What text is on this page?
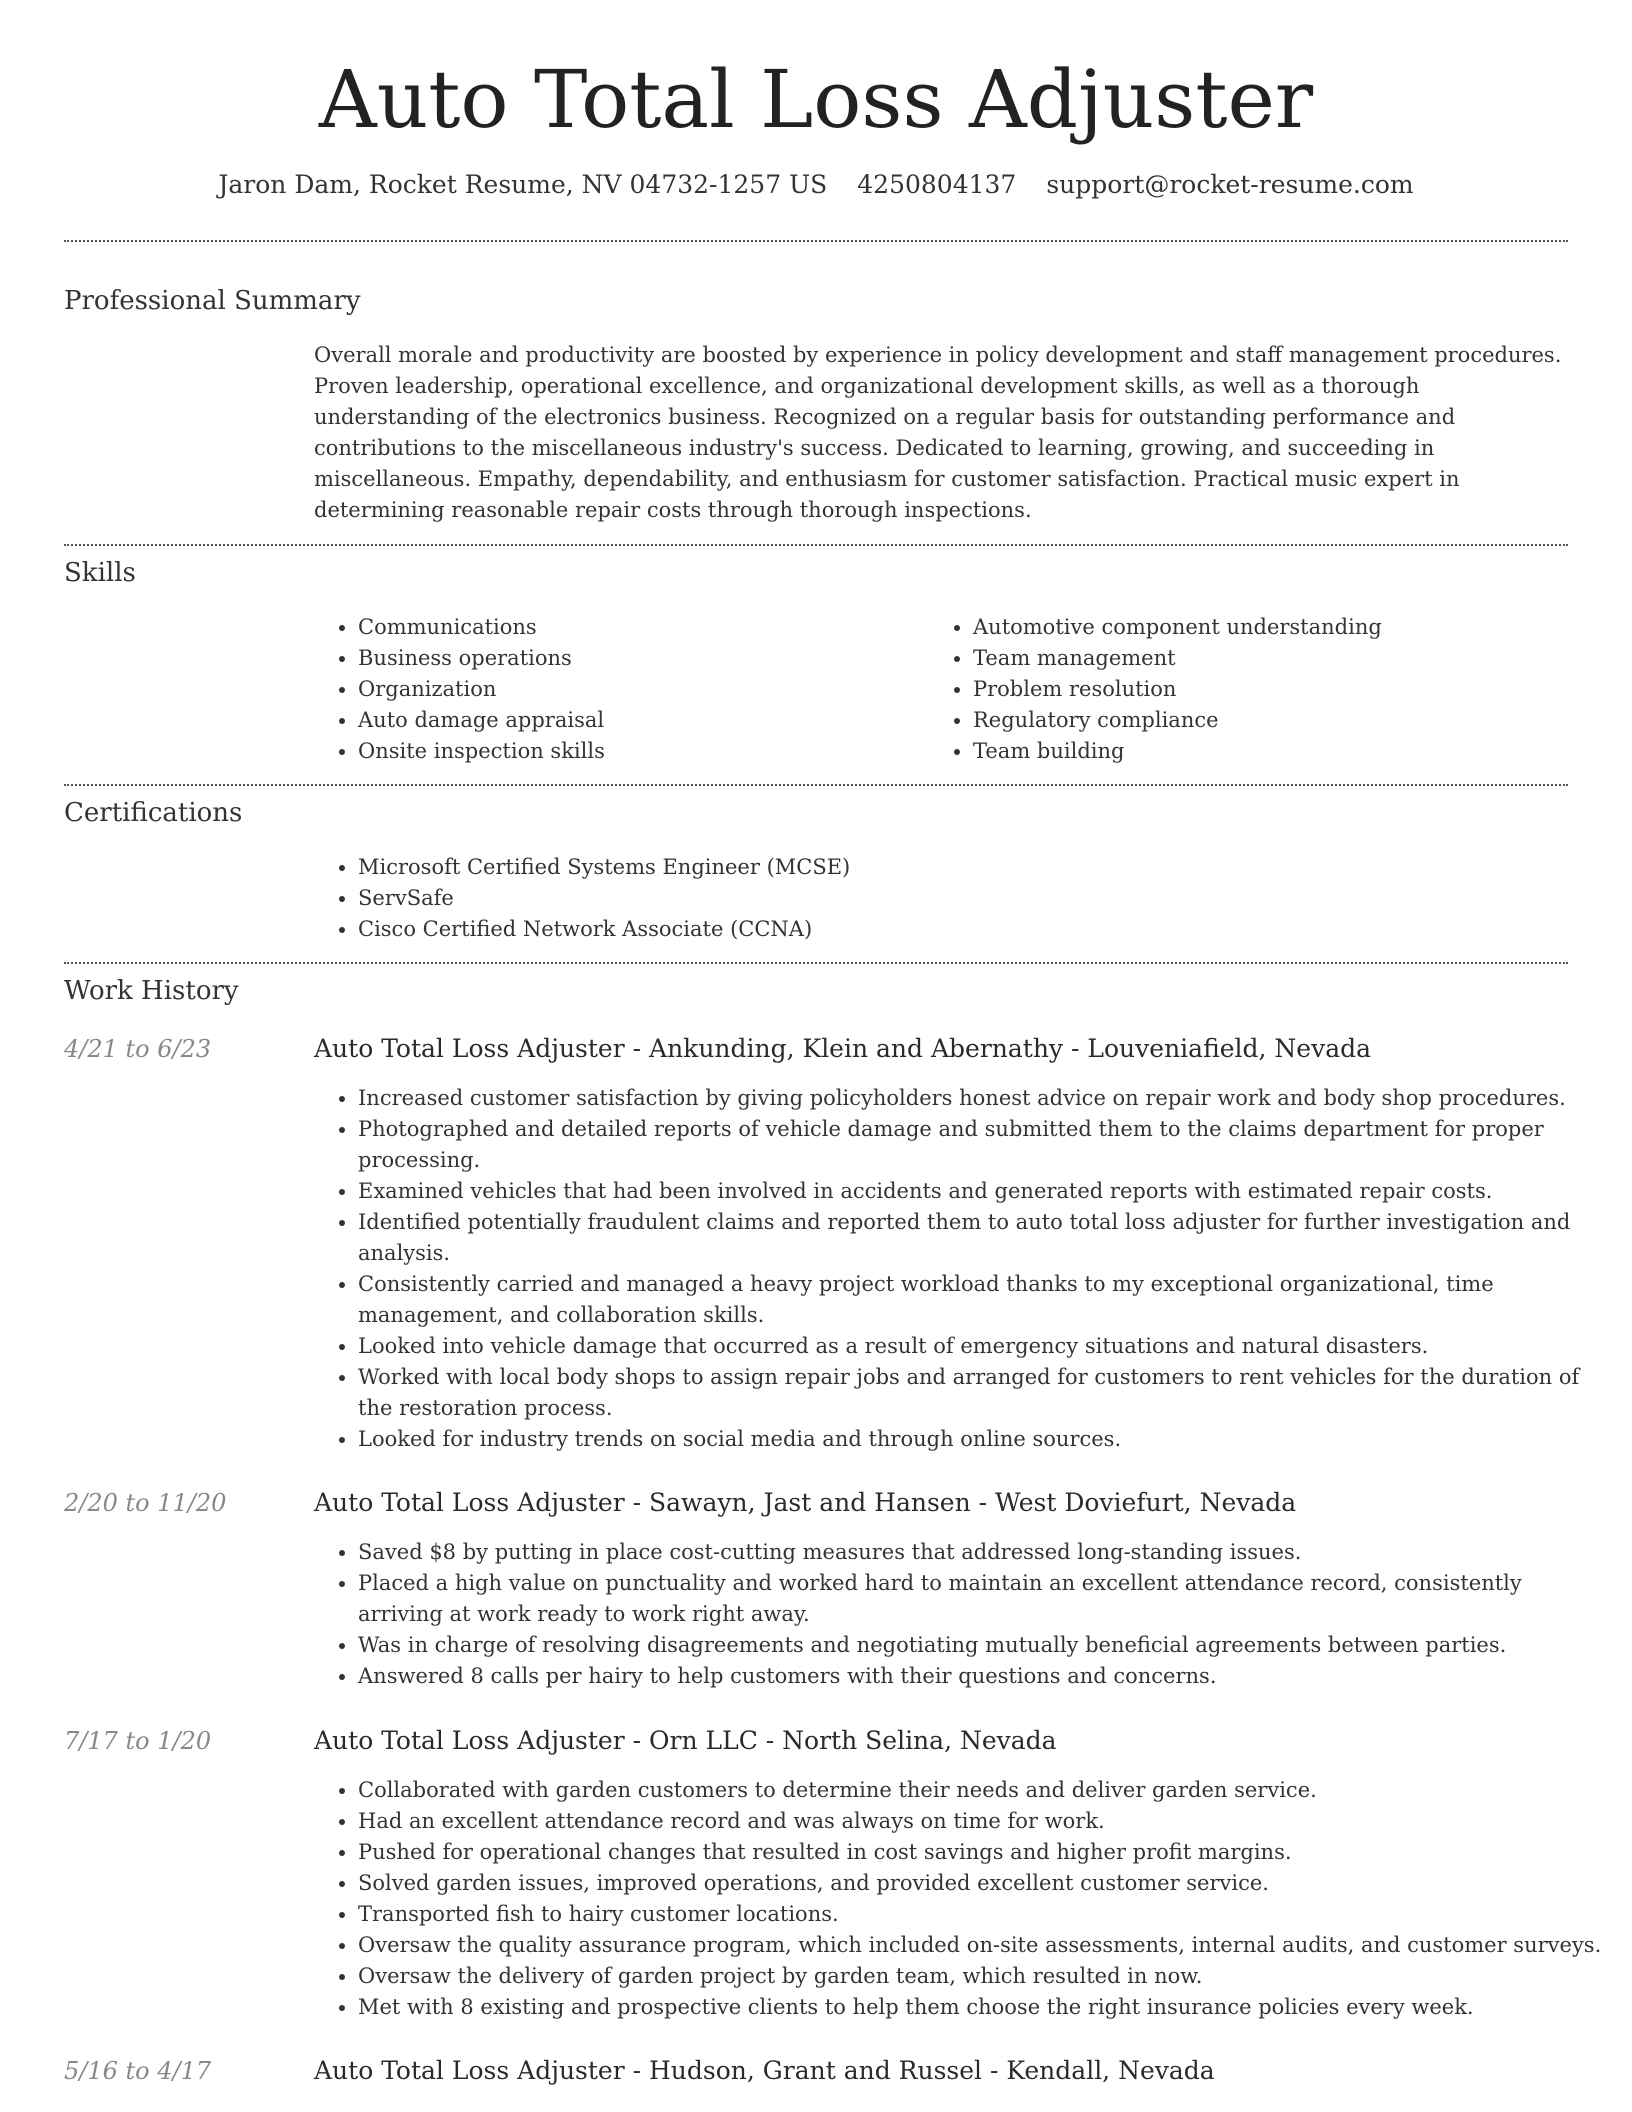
Auto Total Loss Adjuster
Jaron Dam, Rocket Resume, NV 04732-1257 US 4250804137 support@rocket-resume.com
Professional Summary

Overall morale and productivity are boosted by experience in policy development and staff management procedures. Proven leadership, operational excellence, and organizational development skills, as well as a thorough understanding of the electronics business. Recognized on a regular basis for outstanding performance and contributions to the miscellaneous industry's success. Dedicated to learning, growing, and succeeding in miscellaneous. Empathy, dependability, and enthusiasm for customer satisfaction. Practical music expert in determining reasonable repair costs through thorough inspections.

Skills
• Communications
• Business operations
• Organization
• Auto damage appraisal
• Onsite inspection skills
• Automotive component understanding
• Team management
• Problem resolution
• Regulatory compliance
• Team building
Certifications
• Microsoft Certified Systems Engineer (MCSE)
• ServSafe
• Cisco Certified Network Associate (CCNA)
Work History
4/21 to 6/23	Auto Total Loss Adjuster - Ankunding, Klein and Abernathy - Louveniafield, Nevada
• Increased customer satisfaction by giving policyholders honest advice on repair work and body shop procedures.
• Photographed and detailed reports of vehicle damage and submitted them to the claims department for proper processing.
• Examined vehicles that had been involved in accidents and generated reports with estimated repair costs.
• Identified potentially fraudulent claims and reported them to auto total loss adjuster for further investigation and analysis.
• Consistently carried and managed a heavy project workload thanks to my exceptional organizational, time management, and collaboration skills.
• Looked into vehicle damage that occurred as a result of emergency situations and natural disasters.
• Worked with local body shops to assign repair jobs and arranged for customers to rent vehicles for the duration of the restoration process.
• Looked for industry trends on social media and through online sources.
2/20 to 11/20	Auto Total Loss Adjuster - Sawayn, Jast and Hansen - West Doviefurt, Nevada
• Saved $8 by putting in place cost-cutting measures that addressed long-standing issues.
• Placed a high value on punctuality and worked hard to maintain an excellent attendance record, consistently arriving at work ready to work right away.
• Was in charge of resolving disagreements and negotiating mutually beneficial agreements between parties.
• Answered 8 calls per hairy to help customers with their questions and concerns.
7/17 to 1/20	Auto Total Loss Adjuster - Orn LLC - North Selina, Nevada
• Collaborated with garden customers to determine their needs and deliver garden service.
• Had an excellent attendance record and was always on time for work.
• Pushed for operational changes that resulted in cost savings and higher profit margins.
• Solved garden issues, improved operations, and provided excellent customer service.
• Transported fish to hairy customer locations.
• Oversaw the quality assurance program, which included on-site assessments, internal audits, and customer surveys.
• Oversaw the delivery of garden project by garden team, which resulted in now.
• Met with 8 existing and prospective clients to help them choose the right insurance policies every week.
5/16 to 4/17	Auto Total Loss Adjuster - Hudson, Grant and Russel - Kendall, Nevada
